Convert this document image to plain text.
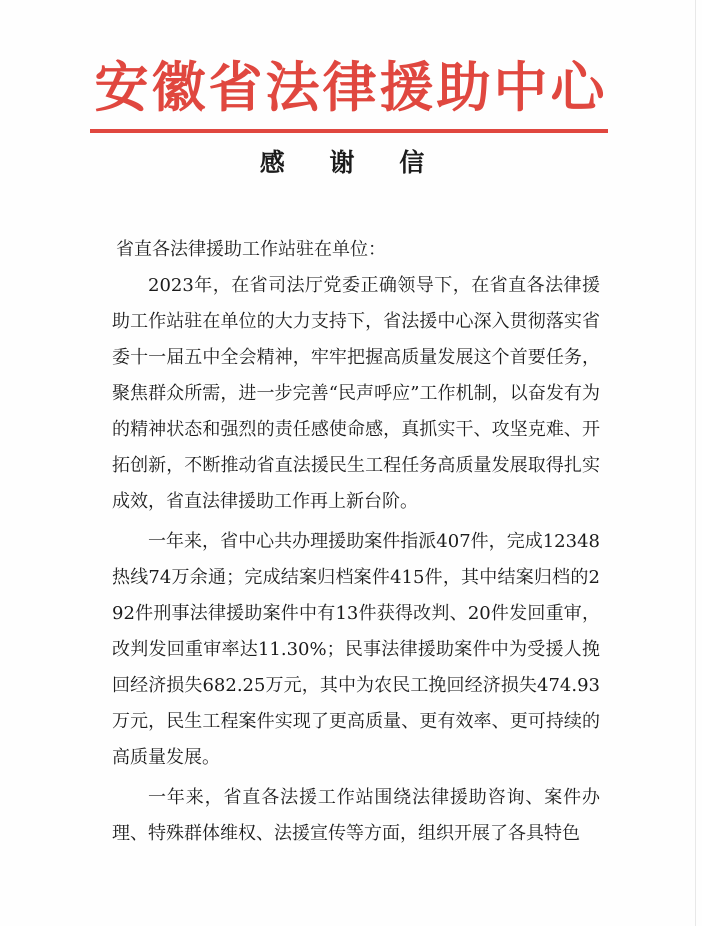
安徽省法律援助中心
感 谢 信

省直各法律援助工作站驻在单位：

2023年，在省司法厅党委正确领导下，在省直各法律援助工作站驻在单位的大力支持下，省法援中心深入贯彻落实省委十一届五中全会精神，牢牢把握高质量发展这个首要任务，聚焦群众所需，进一步完善“民声呼应”工作机制，以奋发有为的精神状态和强烈的责任感使命感，真抓实干、攻坚克难、开拓创新，不断推动省直法援民生工程任务高质量发展取得扎实成效，省直法律援助工作再上新台阶。

一年来，省中心共办理援助案件指派407件，完成12348热线74万余通；完成结案归档案件415件，其中结案归档的292件刑事法律援助案件中有13件获得改判、20件发回重审，改判发回重审率达11.30%；民事法律援助案件中为受援人挽回经济损失682.25万元，其中为农民工挽回经济损失474.93万元，民生工程案件实现了更高质量、更有效率、更可持续的高质量发展。

一年来，省直各法援工作站围绕法律援助咨询、案件办理、特殊群体维权、法援宣传等方面，组织开展了各具特色
